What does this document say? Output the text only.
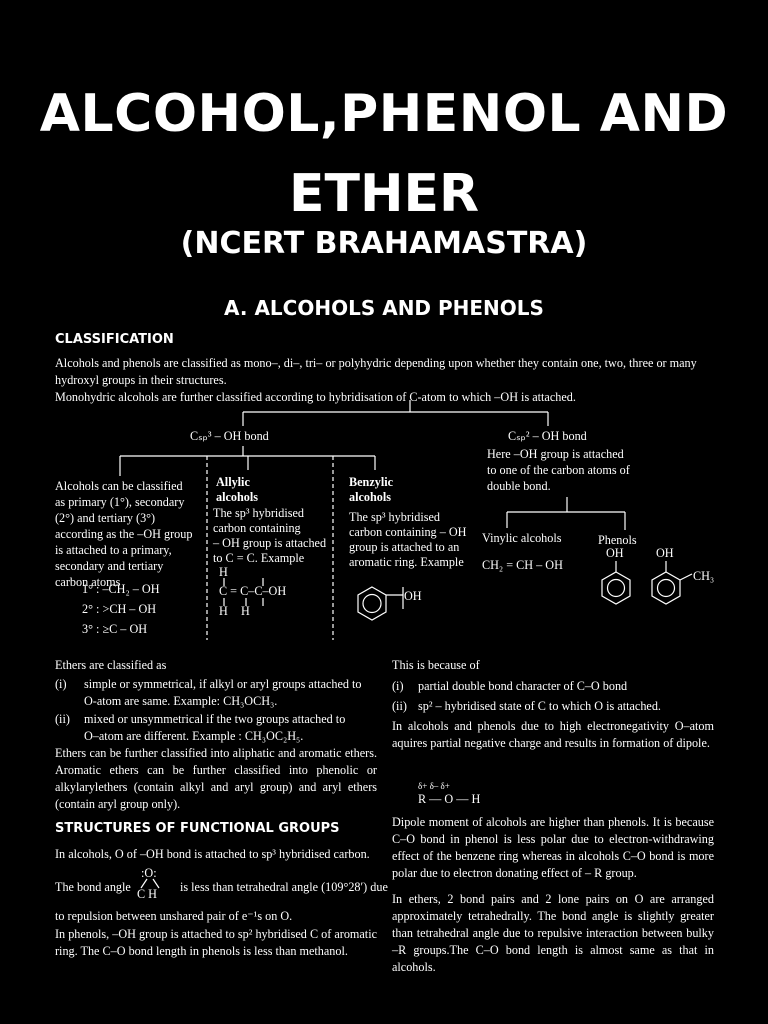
ALCOHOL,PHENOL AND
ETHER
(NCERT BRAHAMASTRA)
A. ALCOHOLS AND PHENOLS
CLASSIFICATION
Alcohols and phenols are classified as mono–, di–, tri– or polyhydric depending upon whether they contain one, two, three or many
hydroxyl groups in their structures.
Monohydric alcohols are further classified according to hybridisation of C-atom to which –OH is attached.
Cₛₚ³ – OH bond	Cₛₚ² – OH bond
Here –OH group is attached
to one of the carbon atoms of
double bond.
Alcohols can be classified
as primary (1°), secondary
(2°) and tertiary (3°)
according as the –OH group
is attached to a primary,
secondary and tertiary
carbon atoms
1° : –CH₂ – OH
2° : >CH – OH
3° : ≥C – OH
Allylic
alcohols
The sp³ hybridised
carbon containing
– OH group is attached
to C = C. Example
H
C = C–C–OH
H H
Benzylic
alcohols
The sp³ hybridised
carbon containing – OH
group is attached to an
aromatic ring. Example
OH
Vinylic alcohols
CH₂ = CH – OH
Phenols
OH	OH
CH₃
Ethers are classified as
(i) simple or symmetrical, if alkyl or aryl groups attached to
O-atom are same. Example: CH₃OCH₃.
(ii) mixed or unsymmetrical if the two groups attached to
O–atom are different. Example : CH₃OC₂H₅.
Ethers can be further classified into aliphatic and aromatic ethers. Aromatic ethers can be further classified into phenolic or alkylarylethers (contain alkyl and aryl group) and aryl ethers (contain aryl group only).
STRUCTURES OF FUNCTIONAL GROUPS
In alcohols, O of –OH bond is attached to sp³ hybridised carbon.
The bond angle
:O:
C H is less than tetrahedral angle (109°28′) due
to repulsion between unshared pair of e⁻¹s on O.
In phenols, –OH group is attached to sp² hybridised C of aromatic ring. The C–O bond length in phenols is less than methanol.
This is because of
(i) partial double bond character of C–O bond
(ii) sp² – hybridised state of C to which O is attached.
In alcohols and phenols due to high electronegativity O–atom aquires partial negative charge and results in formation of dipole.
δ+ δ– δ+
R — O — H
Dipole moment of alcohols are higher than phenols. It is because C–O bond in phenol is less polar due to electron-withdrawing effect of the benzene ring whereas in alcohols C–O bond is more polar due to electron donating effect of – R group.
In ethers, 2 bond pairs and 2 lone pairs on O are arranged approximately tetrahedrally. The bond angle is slightly greater than tetrahedral angle due to repulsive interaction between bulky –R groups.The C–O bond length is almost same as that in alcohols.
